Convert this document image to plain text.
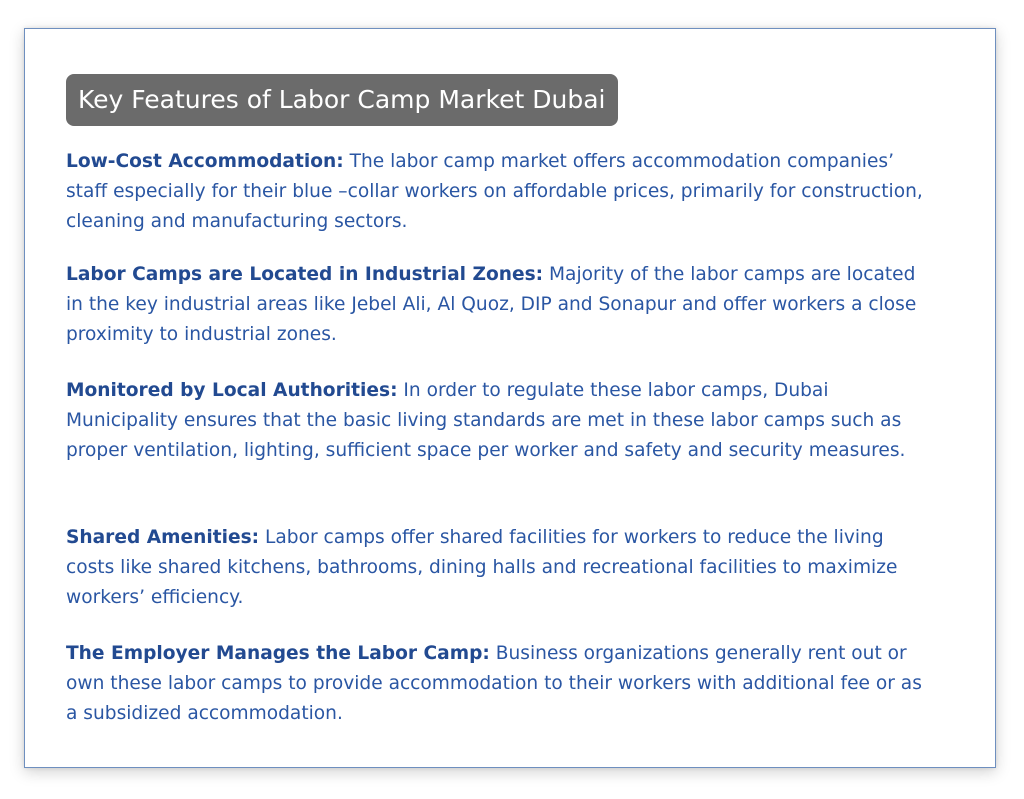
Key Features of Labor Camp Market Dubai

Low-Cost Accommodation: The labor camp market offers accommodation companies’ staff especially for their blue –collar workers on affordable prices, primarily for construction, cleaning and manufacturing sectors.

Labor Camps are Located in Industrial Zones: Majority of the labor camps are located in the key industrial areas like Jebel Ali, Al Quoz, DIP and Sonapur and offer workers a close proximity to industrial zones.

Monitored by Local Authorities: In order to regulate these labor camps, Dubai Municipality ensures that the basic living standards are met in these labor camps such as proper ventilation, lighting, sufficient space per worker and safety and security measures.

Shared Amenities: Labor camps offer shared facilities for workers to reduce the living costs like shared kitchens, bathrooms, dining halls and recreational facilities to maximize workers’ efficiency.

The Employer Manages the Labor Camp: Business organizations generally rent out or own these labor camps to provide accommodation to their workers with additional fee or as a subsidized accommodation.
